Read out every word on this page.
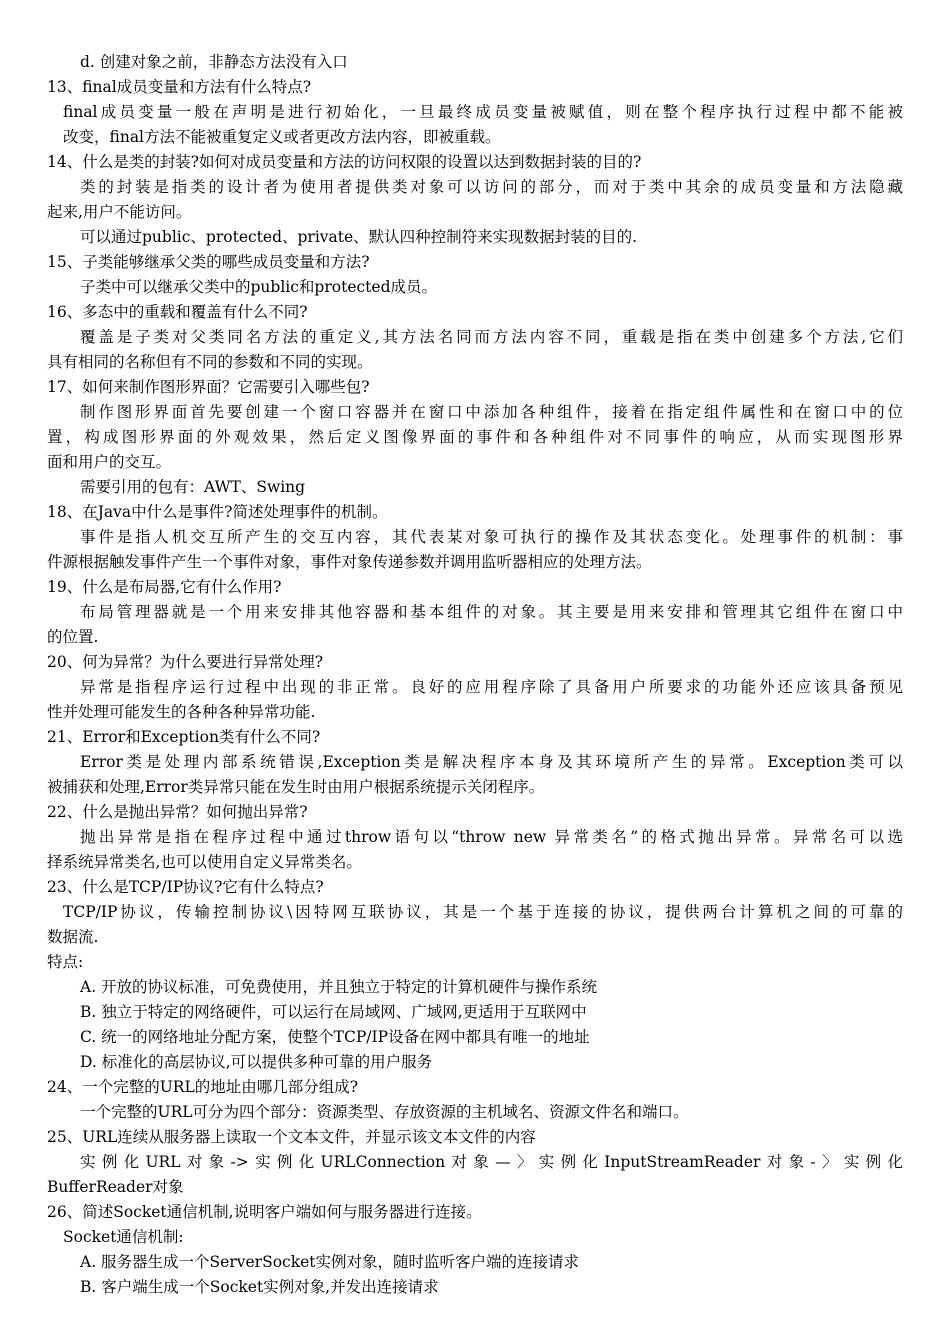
d. 创建对象之前，非静态方法没有入口
13、final成员变量和方法有什么特点?
final成员变量一般在声明是进行初始化，一旦最终成员变量被赋值，则在整个程序执行过程中都不能被
改变，final方法不能被重复定义或者更改方法内容，即被重载。
14、什么是类的封装?如何对成员变量和方法的访问权限的设置以达到数据封装的目的?
类的封装是指类的设计者为使用者提供类对象可以访问的部分，而对于类中其余的成员变量和方法隐藏
起来,用户不能访问。
可以通过public、protected、private、默认四种控制符来实现数据封装的目的.
15、子类能够继承父类的哪些成员变量和方法?
子类中可以继承父类中的public和protected成员。
16、多态中的重载和覆盖有什么不同?
覆盖是子类对父类同名方法的重定义,其方法名同而方法内容不同，重载是指在类中创建多个方法,它们
具有相同的名称但有不同的参数和不同的实现。
17、如何来制作图形界面？它需要引入哪些包?
制作图形界面首先要创建一个窗口容器并在窗口中添加各种组件，接着在指定组件属性和在窗口中的位
置，构成图形界面的外观效果，然后定义图像界面的事件和各种组件对不同事件的响应，从而实现图形界
面和用户的交互。
需要引用的包有：AWT、Swing
18、在Java中什么是事件?简述处理事件的机制。
事件是指人机交互所产生的交互内容，其代表某对象可执行的操作及其状态变化。处理事件的机制：事
件源根据触发事件产生一个事件对象，事件对象传递参数并调用监听器相应的处理方法。
19、什么是布局器,它有什么作用?
布局管理器就是一个用来安排其他容器和基本组件的对象。其主要是用来安排和管理其它组件在窗口中
的位置.
20、何为异常？为什么要进行异常处理?
异常是指程序运行过程中出现的非正常。良好的应用程序除了具备用户所要求的功能外还应该具备预见
性并处理可能发生的各种各种异常功能.
21、Error和Exception类有什么不同?
Error类是处理内部系统错误,Exception类是解决程序本身及其环境所产生的异常。Exception类可以
被捕获和处理,Error类异常只能在发生时由用户根据系统提示关闭程序。
22、什么是抛出异常？如何抛出异常?
抛出异常是指在程序过程中通过throw语句以“throw new 异常类名”的格式抛出异常。异常名可以选
择系统异常类名,也可以使用自定义异常类名。
23、什么是TCP/IP协议?它有什么特点?
TCP/IP协议，传输控制协议\因特网互联协议，其是一个基于连接的协议，提供两台计算机之间的可靠的
数据流.
特点:
A. 开放的协议标准，可免费使用，并且独立于特定的计算机硬件与操作系统
B. 独立于特定的网络硬件，可以运行在局域网、广域网,更适用于互联网中
C. 统一的网络地址分配方案，使整个TCP/IP设备在网中都具有唯一的地址
D. 标准化的高层协议,可以提供多种可靠的用户服务
24、一个完整的URL的地址由哪几部分组成?
一个完整的URL可分为四个部分：资源类型、存放资源的主机域名、资源文件名和端口。
25、URL连续从服务器上读取一个文本文件，并显示该文本文件的内容
实例化URL对象->实例化URLConnection对象—〉实例化InputStreamReader对象-〉实例化
BufferReader对象
26、简述Socket通信机制,说明客户端如何与服务器进行连接。
Socket通信机制:
A. 服务器生成一个ServerSocket实例对象，随时监听客户端的连接请求
B. 客户端生成一个Socket实例对象,并发出连接请求
